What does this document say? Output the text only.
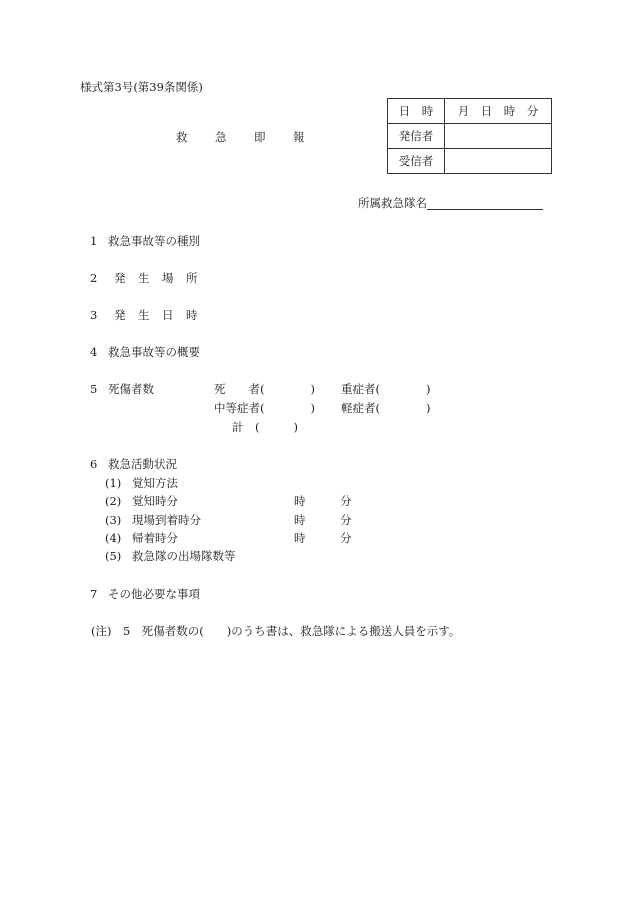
様式第3号(第39条関係)
救 急 即 報
日　時	月　日　時　分
発信者	
受信者	
所属救急隊名
1 救急事故等の種別
2 発 生 場 所
3 発 生 日 時
4 救急事故等の概要
5 死傷者数	死　　者(	) 重症者(	)
中等症者(	) 軽症者(	)
計　(	)
6 救急活動状況
(1) 覚知方法
(2) 覚知時分	時	分
(3) 現場到着時分	時	分
(4) 帰着時分	時	分
(5) 救急隊の出場隊数等
7 その他必要な事項
(注)　5　死傷者数の(　　)のうち書は、救急隊による搬送人員を示す。
